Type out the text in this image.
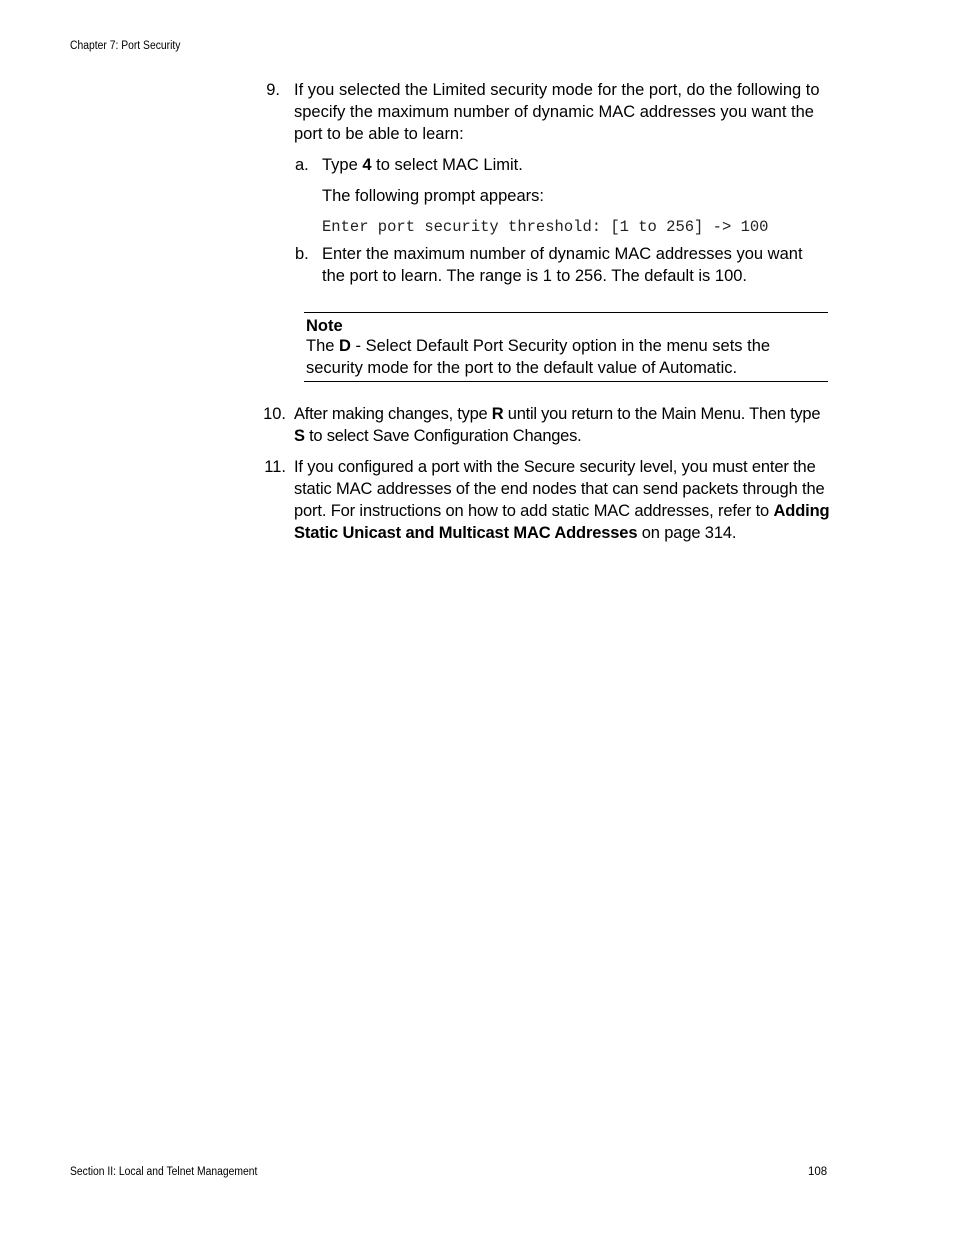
Chapter 7: Port Security
9. If you selected the Limited security mode for the port, do the following to specify the maximum number of dynamic MAC addresses you want the port to be able to learn:
a. Type 4 to select MAC Limit.
The following prompt appears:
Enter port security threshold: [1 to 256] -> 100
b. Enter the maximum number of dynamic MAC addresses you want the port to learn. The range is 1 to 256. The default is 100.
Note
The D - Select Default Port Security option in the menu sets the security mode for the port to the default value of Automatic.
10. After making changes, type R until you return to the Main Menu. Then type S to select Save Configuration Changes.
11. If you configured a port with the Secure security level, you must enter the static MAC addresses of the end nodes that can send packets through the port. For instructions on how to add static MAC addresses, refer to Adding Static Unicast and Multicast MAC Addresses on page 314.
Section II: Local and Telnet Management	108
